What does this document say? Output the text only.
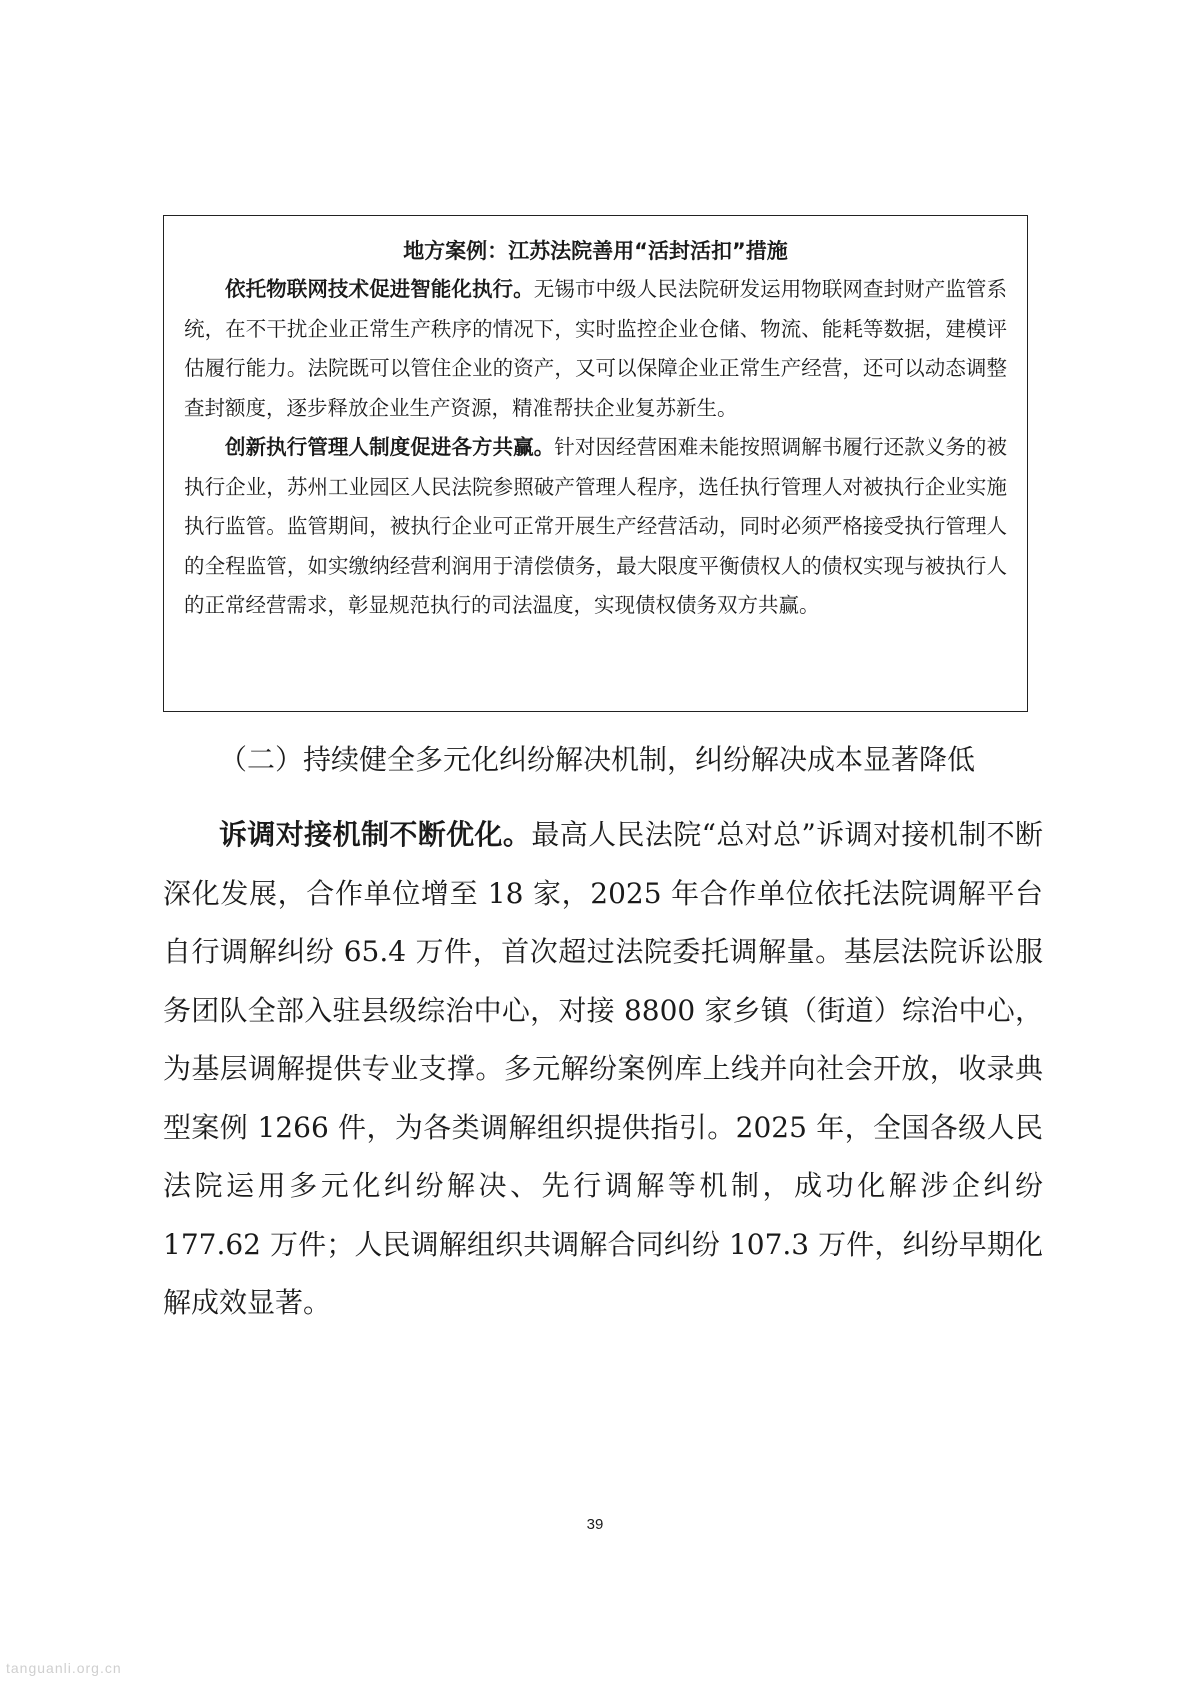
地方案例：江苏法院善用“活封活扣”措施

依托物联网技术促进智能化执行。无锡市中级人民法院研发运用物联网查封财产监管系统，在不干扰企业正常生产秩序的情况下，实时监控企业仓储、物流、能耗等数据，建模评估履行能力。法院既可以管住企业的资产，又可以保障企业正常生产经营，还可以动态调整查封额度，逐步释放企业生产资源，精准帮扶企业复苏新生。

创新执行管理人制度促进各方共赢。针对因经营困难未能按照调解书履行还款义务的被执行企业，苏州工业园区人民法院参照破产管理人程序，选任执行管理人对被执行企业实施执行监管。监管期间，被执行企业可正常开展生产经营活动，同时必须严格接受执行管理人的全程监管，如实缴纳经营利润用于清偿债务，最大限度平衡债权人的债权实现与被执行人的正常经营需求，彰显规范执行的司法温度，实现债权债务双方共赢。

（二）持续健全多元化纠纷解决机制，纠纷解决成本显著降低

诉调对接机制不断优化。最高人民法院“总对总”诉调对接机制不断深化发展，合作单位增至 18 家，2025 年合作单位依托法院调解平台自行调解纠纷 65.4 万件，首次超过法院委托调解量。基层法院诉讼服务团队全部入驻县级综治中心，对接 8800 家乡镇（街道）综治中心，为基层调解提供专业支撑。多元解纷案例库上线并向社会开放，收录典型案例 1266 件，为各类调解组织提供指引。2025 年，全国各级人民法院运用多元化纠纷解决、先行调解等机制，成功化解涉企纠纷 177.62 万件；人民调解组织共调解合同纠纷 107.3 万件，纠纷早期化解成效显著。

39
tanguanli.org.cn
